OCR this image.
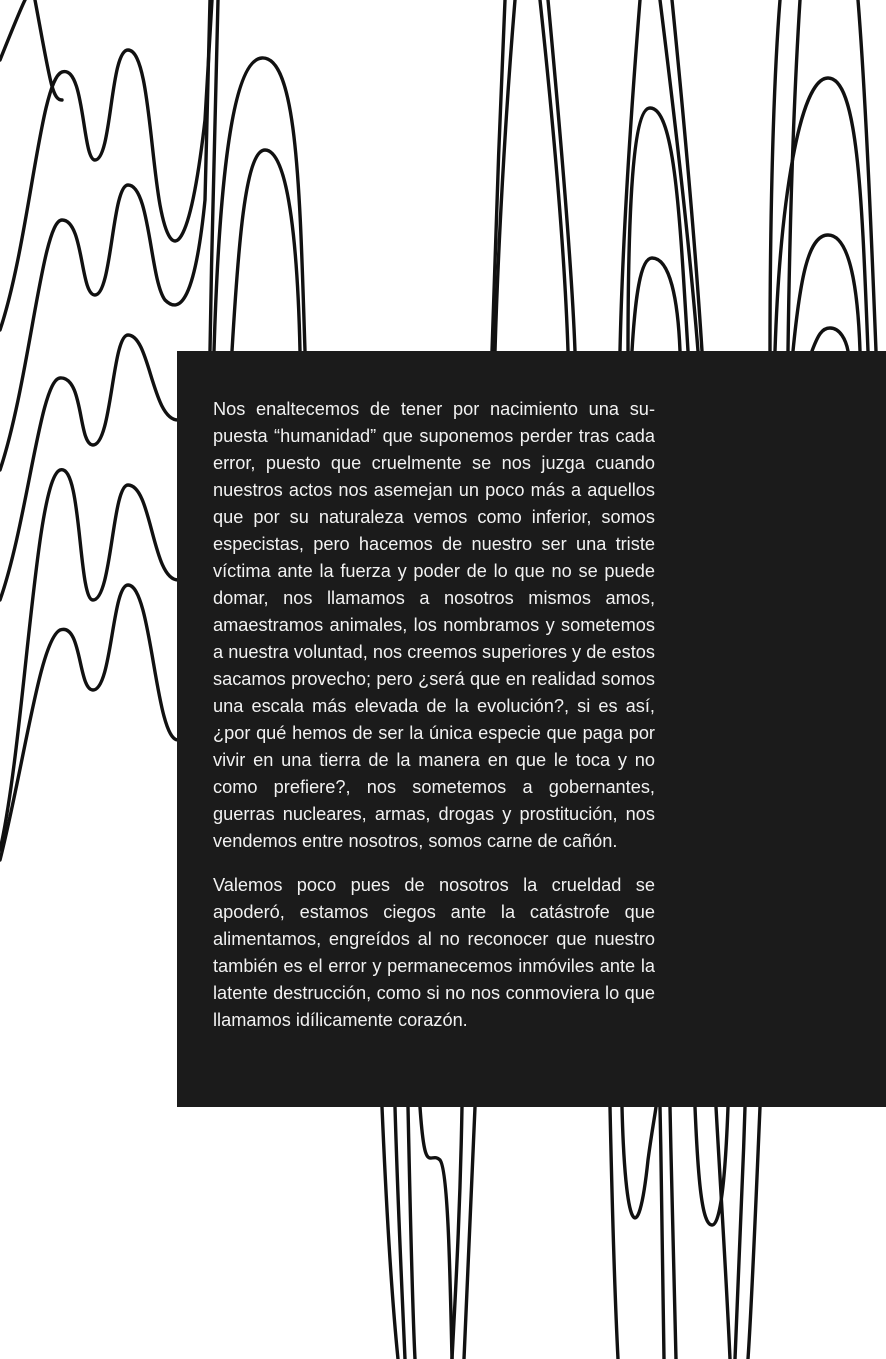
Nos enaltecemos de tener por nacimiento una supuesta “humanidad” que suponemos perder tras cada error, puesto que cruelmente se nos juzga cuando nuestros actos nos asemejan un poco más a aquellos que por su naturaleza vemos como inferior, somos especistas, pero hacemos de nuestro ser una triste víctima ante la fuerza y poder de lo que no se puede domar, nos llamamos a nosotros mismos amos, amaestramos animales, los nombramos y sometemos a nuestra voluntad, nos creemos superiores y de estos sacamos provecho; pero ¿será que en realidad somos una escala más elevada de la evolución?, si es así, ¿por qué hemos de ser la única especie que paga por vivir en una tierra de la manera en que le toca y no como prefiere?, nos sometemos a gobernantes, guerras nucleares, armas, drogas y prostitución, nos vendemos entre nosotros, somos carne de cañón.

Valemos poco pues de nosotros la crueldad se apoderó, estamos ciegos ante la catástrofe que alimentamos, engreídos al no reconocer que nuestro también es el error y permanecemos inmóviles ante la latente destrucción, como si no nos conmoviera lo que llamamos idílicamente corazón.
